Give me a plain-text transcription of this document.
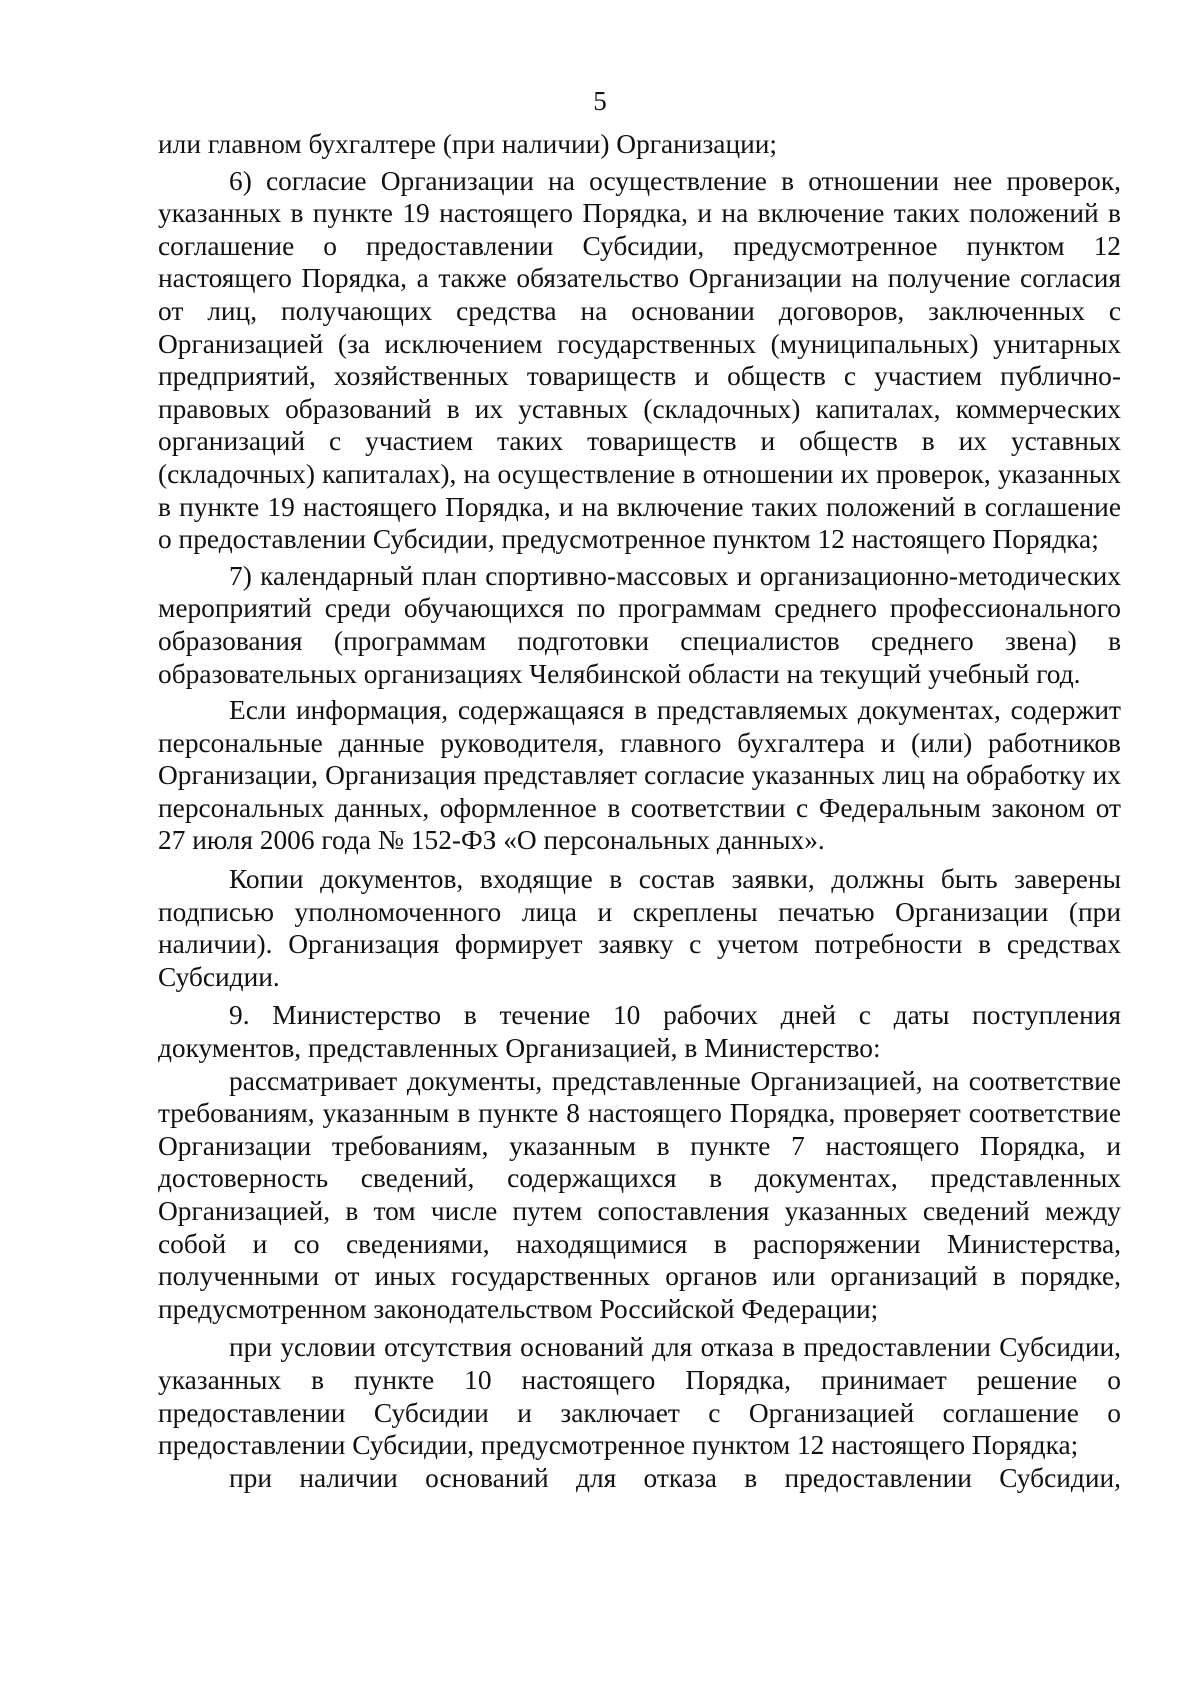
5

или главном бухгалтере (при наличии) Организации;

6) согласие Организации на осуществление в отношении нее проверок, указанных в пункте 19 настоящего Порядка, и на включение таких положений в соглашение о предоставлении Субсидии, предусмотренное пунктом 12 настоящего Порядка, а также обязательство Организации на получение согласия от лиц, получающих средства на основании договоров, заключенных с Организацией (за исключением государственных (муниципальных) унитарных предприятий, хозяйственных товариществ и обществ с участием публично-правовых образований в их уставных (складочных) капиталах, коммерческих организаций с участием таких товариществ и обществ в их уставных (складочных) капиталах), на осуществление в отношении их проверок, указанных в пункте 19 настоящего Порядка, и на включение таких положений в соглашение о предоставлении Субсидии, предусмотренное пунктом 12 настоящего Порядка;

7) календарный план спортивно-массовых и организационно-методических мероприятий среди обучающихся по программам среднего профессионального образования (программам подготовки специалистов среднего звена) в образовательных организациях Челябинской области на текущий учебный год.

Если информация, содержащаяся в представляемых документах, содержит персональные данные руководителя, главного бухгалтера и (или) работников Организации, Организация представляет согласие указанных лиц на обработку их персональных данных, оформленное в соответствии с Федеральным законом от 27 июля 2006 года № 152-ФЗ «О персональных данных».

Копии документов, входящие в состав заявки, должны быть заверены подписью уполномоченного лица и скреплены печатью Организации (при наличии). Организация формирует заявку с учетом потребности в средствах Субсидии.

9. Министерство в течение 10 рабочих дней с даты поступления документов, представленных Организацией, в Министерство:

рассматривает документы, представленные Организацией, на соответствие требованиям, указанным в пункте 8 настоящего Порядка, проверяет соответствие Организации требованиям, указанным в пункте 7 настоящего Порядка, и достоверность сведений, содержащихся в документах, представленных Организацией, в том числе путем сопоставления указанных сведений между собой и со сведениями, находящимися в распоряжении Министерства, полученными от иных государственных органов или организаций в порядке, предусмотренном законодательством Российской Федерации;

при условии отсутствия оснований для отказа в предоставлении Субсидии, указанных в пункте 10 настоящего Порядка, принимает решение о предоставлении Субсидии и заключает с Организацией соглашение о предоставлении Субсидии, предусмотренное пунктом 12 настоящего Порядка;

при наличии оснований для отказа в предоставлении Субсидии,
